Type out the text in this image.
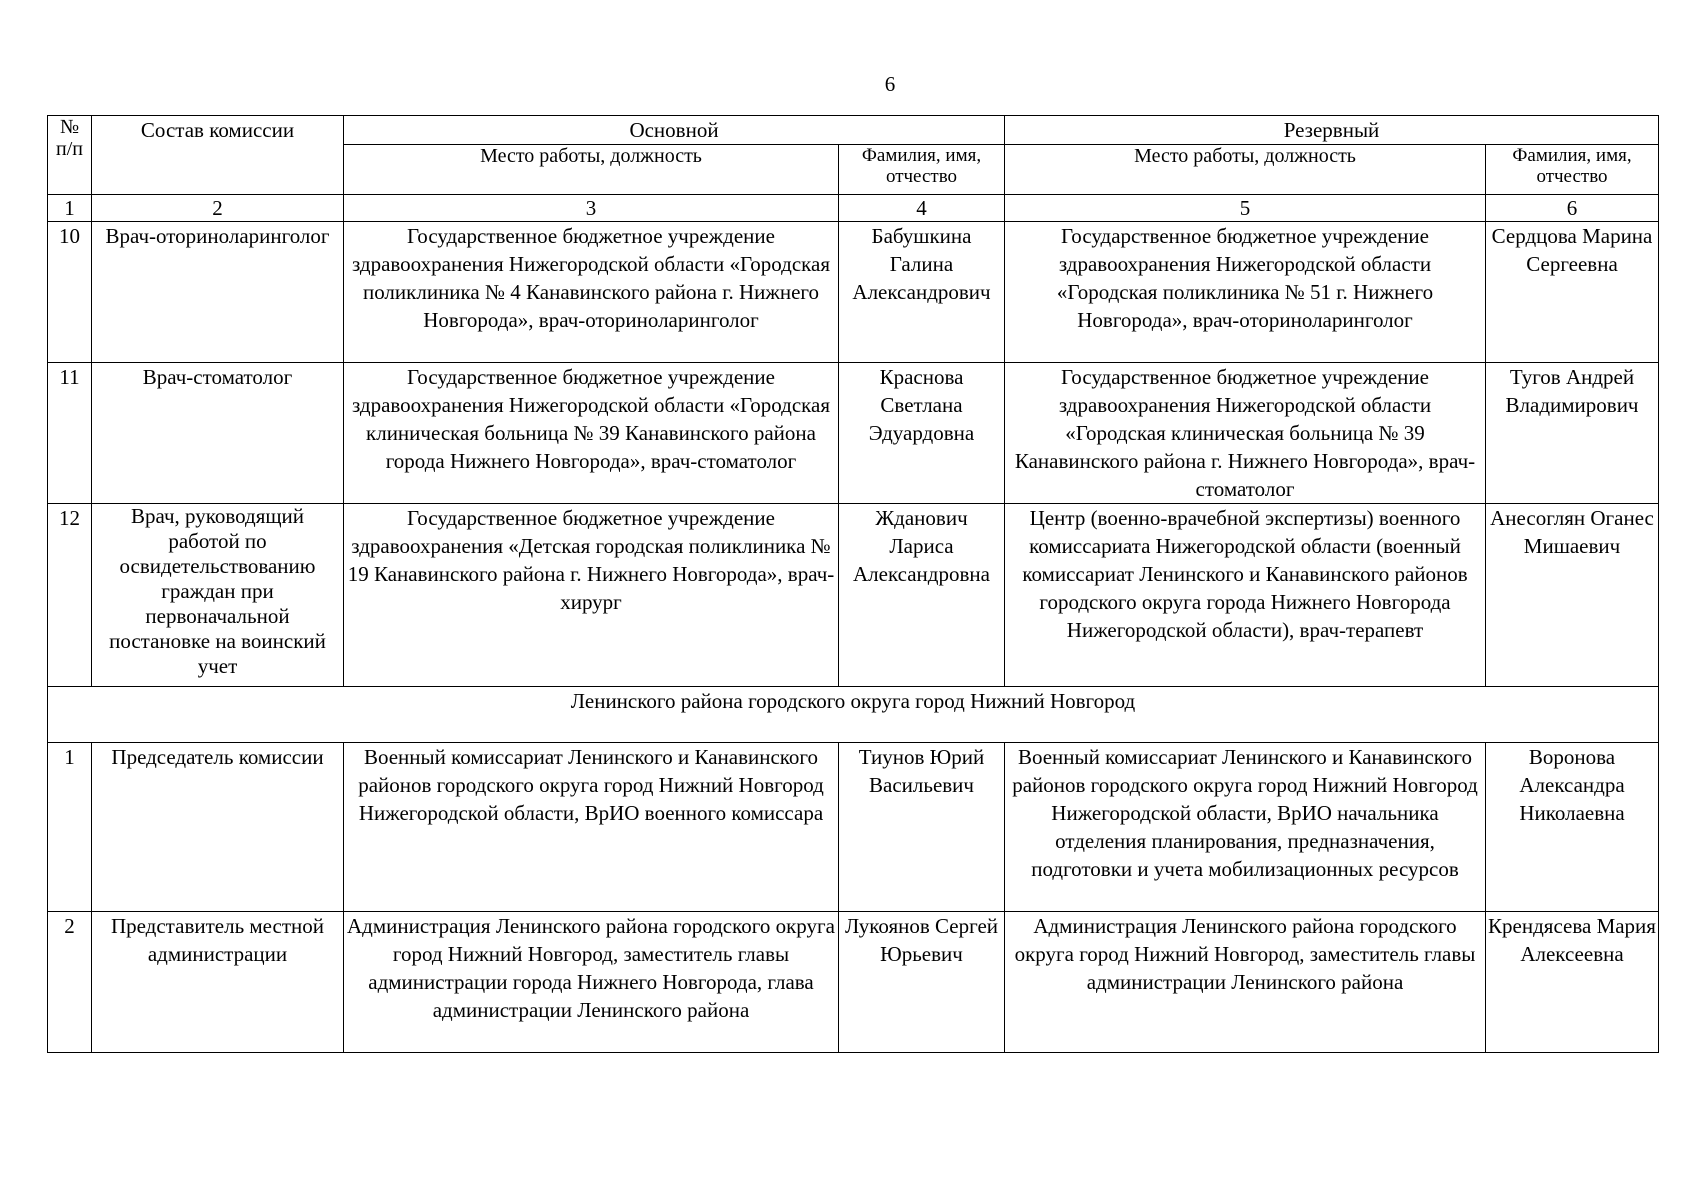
6
№ п/п	Состав комиссии	Основной		Резервный	
		Место работы, должность	Фамилия, имя, отчество	Место работы, должность	Фамилия, имя, отчество
1	2	3	4	5	6
10	Врач-оториноларинголог	Государственное бюджетное учреждение здравоохранения Нижегородской области «Городская поликлиника № 4 Канавинского района г. Нижнего Новгорода», врач-оториноларинголог	Бабушкина Галина Александрович	Государственное бюджетное учреждение здравоохранения Нижегородской области «Городская поликлиника № 51 г. Нижнего Новгорода», врач-оториноларинголог	Сердцова Марина Сергеевна
11	Врач-стоматолог	Государственное бюджетное учреждение здравоохранения Нижегородской области «Городская клиническая больница № 39 Канавинского района города Нижнего Новгорода», врач-стоматолог	Краснова Светлана Эдуардовна	Государственное бюджетное учреждение здравоохранения Нижегородской области «Городская клиническая больница № 39 Канавинского района г. Нижнего Новгорода», врач-стоматолог	Тугов Андрей Владимирович
12	Врач, руководящий работой по освидетельствованию граждан при первоначальной постановке на воинский учет	Государственное бюджетное учреждение здравоохранения «Детская городская поликлиника № 19 Канавинского района г. Нижнего Новгорода», врач-хирург	Жданович Лариса Александровна	Центр (военно-врачебной экспертизы) военного комиссариата Нижегородской области (военный комиссариат Ленинского и Канавинского районов городского округа города Нижнего Новгорода Нижегородской области), врач-терапевт	Анесоглян Оганес Мишаевич
Ленинского района городского округа город Нижний Новгород					
1	Председатель комиссии	Военный комиссариат Ленинского и Канавинского районов городского округа город Нижний Новгород Нижегородской области, ВрИО военного комиссара	Тиунов Юрий Васильевич	Военный комиссариат Ленинского и Канавинского районов городского округа город Нижний Новгород Нижегородской области, ВрИО начальника отделения планирования, предназначения, подготовки и учета мобилизационных ресурсов	Воронова Александра Николаевна
2	Представитель местной администрации	Администрация Ленинского района городского округа город Нижний Новгород, заместитель главы администрации города Нижнего Новгорода, глава администрации Ленинского района	Лукоянов Сергей Юрьевич	Администрация Ленинского района городского округа город Нижний Новгород, заместитель главы администрации Ленинского района	Крендясева Мария Алексеевна
